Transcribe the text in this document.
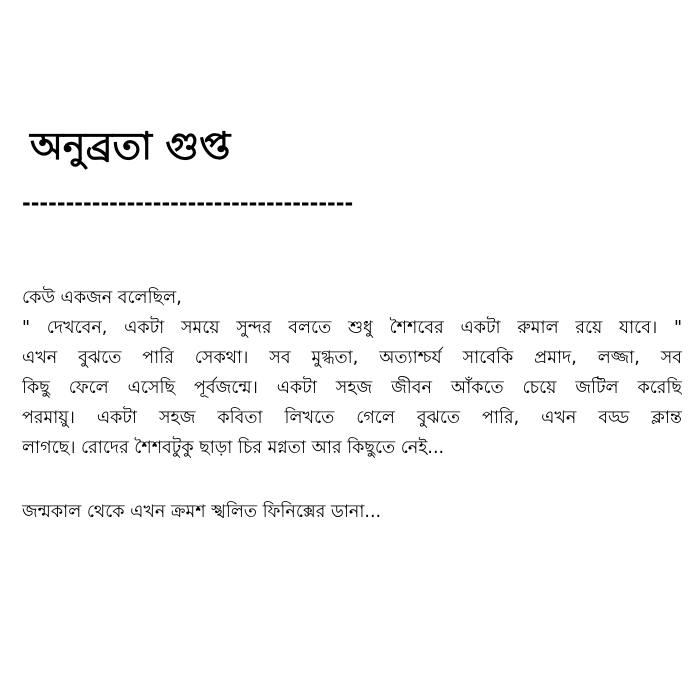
অনুব্রতা গুপ্ত
--------------------------------------
কেউ একজন বলেছিল,
" দেখবেন, একটা সময়ে সুন্দর বলতে শুধু শৈশবের একটা রুমাল রয়ে যাবে। "
এখন বুঝতে পারি সেকথা। সব মুগ্ধতা, অত্যাশ্চর্য সাবেকি প্রমাদ, লজ্জা, সব
কিছু ফেলে এসেছি পূর্বজন্মে। একটা সহজ জীবন আঁকতে চেয়ে জটিল করেছি
পরমায়ু। একটা সহজ কবিতা লিখতে গেলে বুঝতে পারি, এখন বড্ড ক্লান্ত
লাগছে। রোদের শৈশবটুকু ছাড়া চির মগ্নতা আর কিছুতে নেই...
জন্মকাল থেকে এখন ক্রমশ স্খলিত ফিনিক্সের ডানা...
